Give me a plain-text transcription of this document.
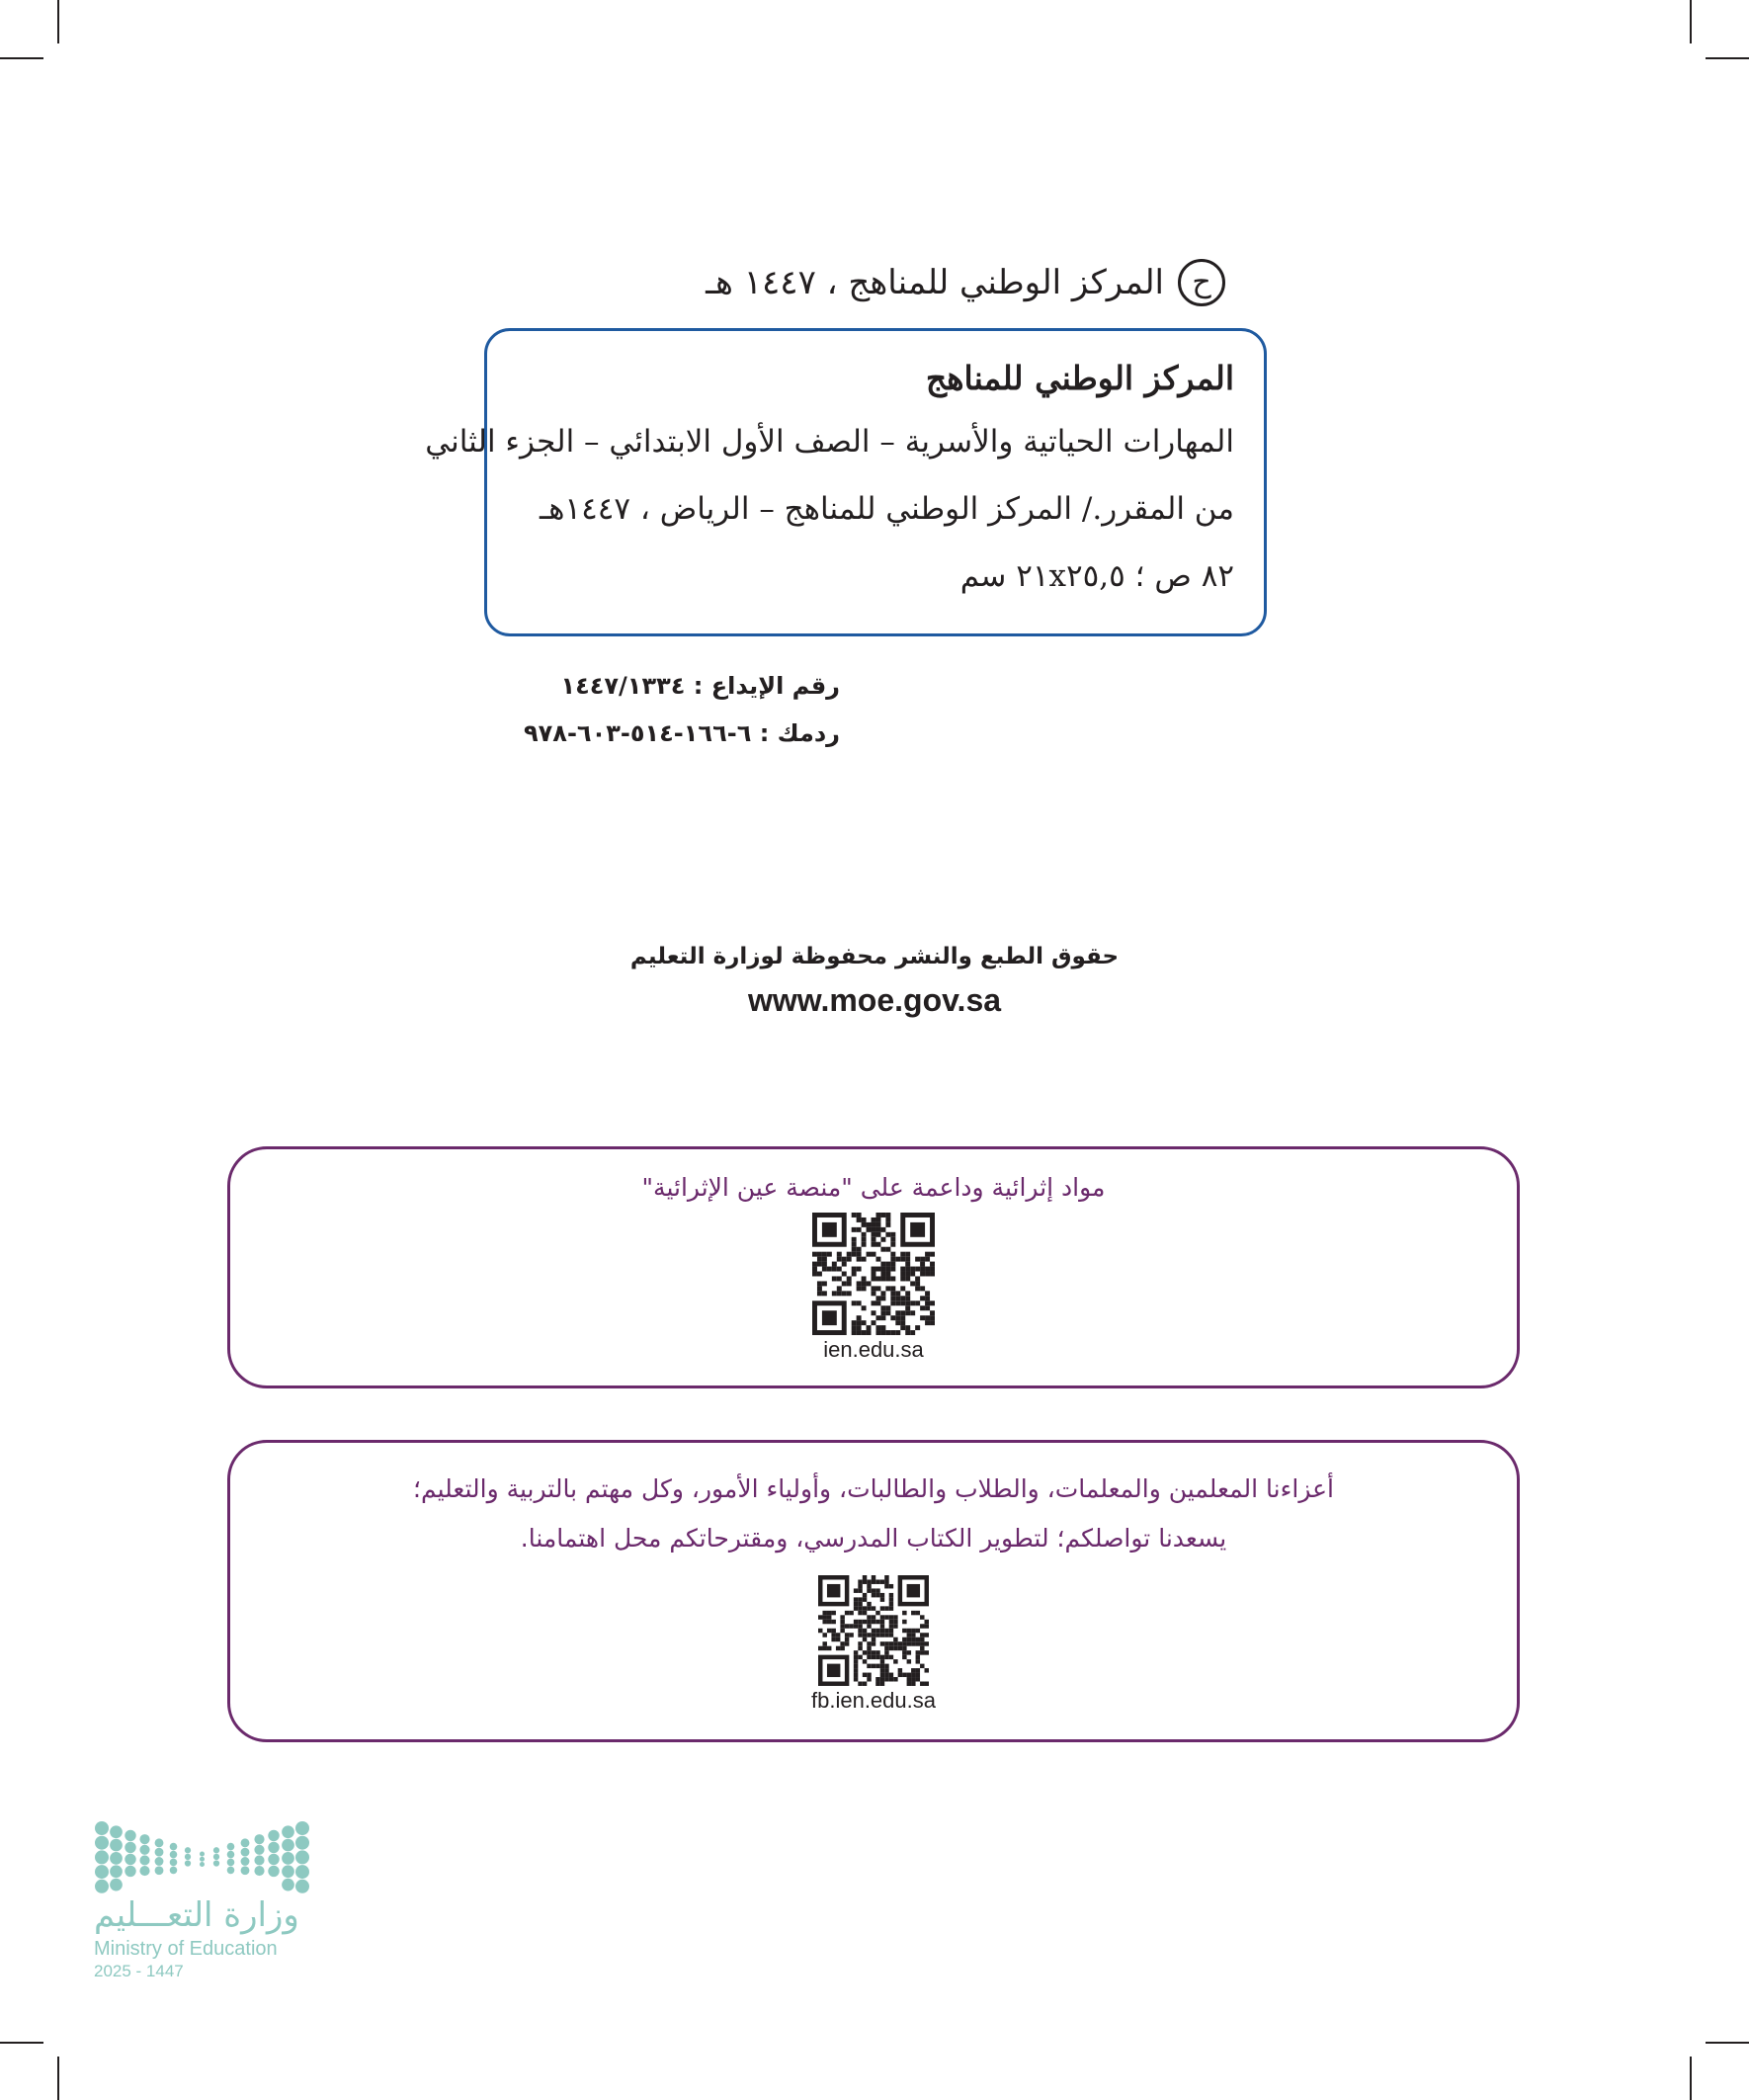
ح
المركز الوطني للمناهج ، ١٤٤٧ هـ
المركز الوطني للمناهج
المهارات الحياتية والأسرية – الصف الأول الابتدائي – الجزء الثاني
من المقرر./ المركز الوطني للمناهج – الرياض ، ١٤٤٧هـ
٨٢ ص ؛ ٢١x٢٥,٥ سم
رقم الإيداع : ١٤٤٧/١٣٣٤
ردمك : ٦-١٦٦-٥١٤-٦٠٣-٩٧٨
حقوق الطبع والنشر محفوظة لوزارة التعليم
www.moe.gov.sa
مواد إثرائية وداعمة على "منصة عين الإثرائية"
ien.edu.sa
أعزاءنا المعلمين والمعلمات، والطلاب والطالبات، وأولياء الأمور، وكل مهتم بالتربية والتعليم؛
يسعدنا تواصلكم؛ لتطوير الكتاب المدرسي، ومقترحاتكم محل اهتمامنا.
fb.ien.edu.sa
وزارة التعـــليم
Ministry of Education
2025 - 1447
